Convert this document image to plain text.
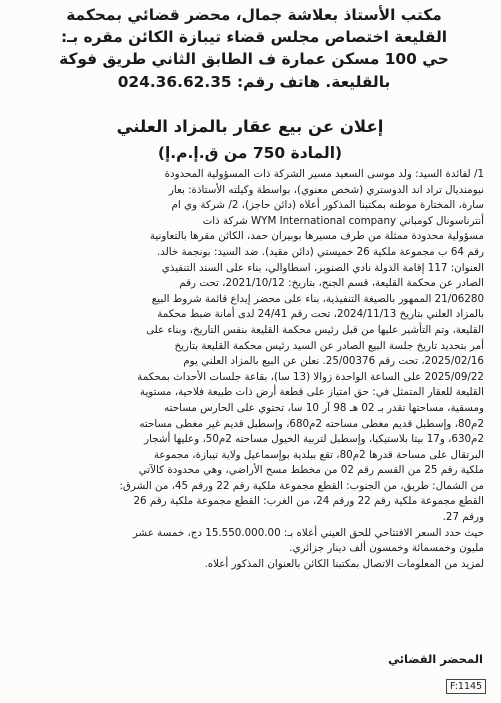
مكتب الأستاذ بعلاشة جمال، محضر قضائي بمحكمة
القليعة اختصاص مجلس قضاء تيبازة الكائن مقره بـ:
حي 100 مسكن عمارة ف الطابق الثاني طريق فوكة
بالقليعة. هاتف رقم: 024.36.62.35
إعلان عن بيع عقار بالمزاد العلني
(المادة 750 من ق.إ.م.إ)
1/ لفائدة السيد: ولد موسى السعيد مسير الشركة ذات المسؤولية المحدودة
نيومنديال تراد اند الدوستري (شخص معنوي)، بواسطة وكيلته الأستاذة: بعار
سارة، المختارة موطنه بمكتبنا المذكور أعلاه (دائن حاجز)، 2/ شركة وي ام
أنترناسونال كومباني WYM International company شركة ذات
مسؤولية محدودة ممثلة من طرف مسيرها بوبيران حمد، الكائن مقرها بالتعاونية
رقم 64 ب مجموعة ملكية 26 خميستي (دائن مقيد). ضد السيد: بونجمة خالد.
العنوان: 117 إقامة الدولة نادي الصنوبر، اسطاوالي، بناء على السند التنفيذي
الصادر عن محكمة القليعة، قسم الجنح، بتاريخ: 2021/10/12، تحت رقم
21/06280 الممهور بالصيغة التنفيذية، بناء على محضر إيداع قائمة شروط البيع
بالمزاد العلني بتاريخ 2024/11/13، تحت رقم 24/41 لدى أمانة ضبط محكمة
القليعة، وتم التأشير عليها من قبل رئيس محكمة القليعة بنفس التاريخ، وبناء على
أمر بتحديد تاريخ جلسة البيع الصادر عن السيد رئيس محكمة القليعة بتاريخ
2025/02/16، تحت رقم 25/00376. نعلن عن البيع بالمزاد العلني يوم
2025/09/22 على الساعة الواحدة زوالا (13 سا)، بقاعة جلسات الأحداث بمحكمة
القليعة للعقار المتمثل في: حق امتياز على قطعة أرض ذات طبيعة فلاحية، مستوية
ومسقية، مساحتها تقدر بـ 02 هـ 98 آر 10 سا، تحتوي على الحارس مساحته
2م80، وإسطبل قديم مغطى مساحته 2م680، وإسطبل قديم غير مغطى مساحته
2م630، و17 بيتا بلاستيكيا، وإسطبل لتربية الخيول مساحته 2م50، وعليها أشجار
البرتقال على مساحة قدرها 2م80، تقع ببلدية بوإسماعيل ولاية تيبازة، مجموعة
ملكية رقم 25 من القسم رقم 02 من مخطط مسح الأراضي، وهي محدودة كالآتي
من الشمال: طريق، من الجنوب: القطع مجموعة ملكية رقم 22 ورقم 45، من الشرق:
القطع مجموعة ملكية رقم 22 ورقم 24، من الغرب: القطع مجموعة ملكية رقم 26
ورقم 27.
حيث حدد السعر الافتتاحي للحق العيني أعلاه بـ: 15.550.000.00 دج، خمسة عشر
مليون وخمسمائة وخمسون ألف دينار جزائري.
لمزيد من المعلومات الاتصال بمكتبنا الكائن بالعنوان المذكور أعلاه.
المحضر القضائي
F:1145
